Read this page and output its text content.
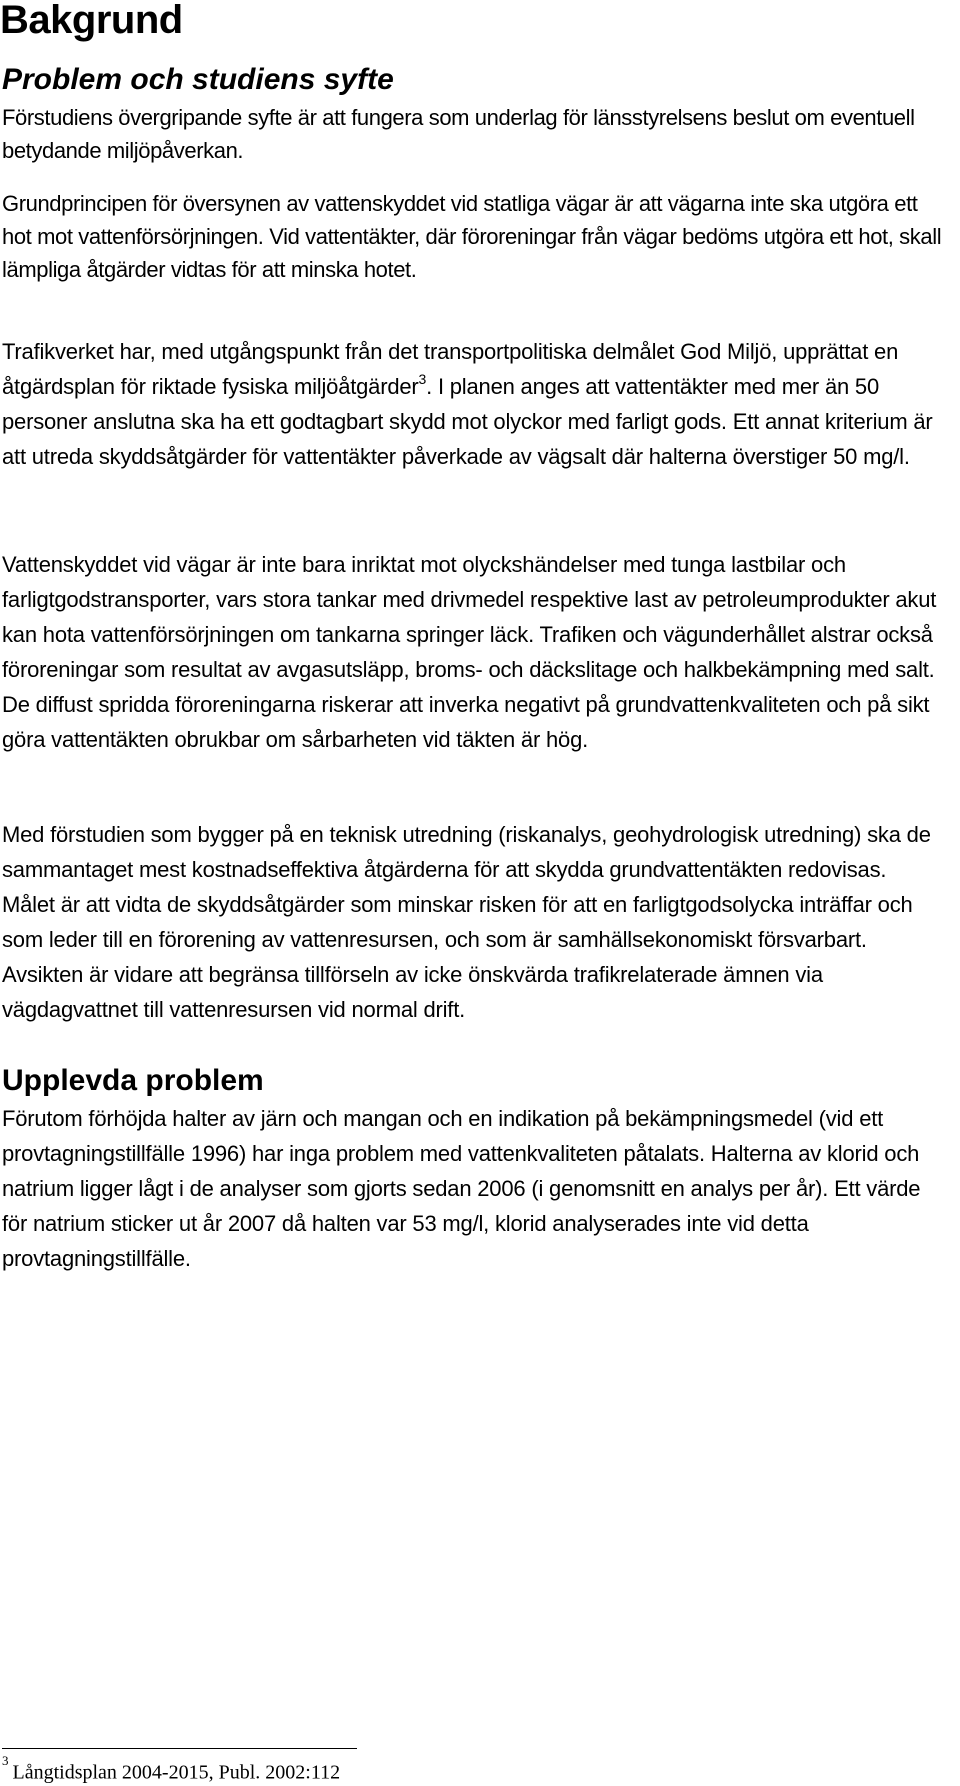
Bakgrund
Problem och studiens syfte

Förstudiens övergripande syfte är att fungera som underlag för länsstyrelsens beslut om eventuell betydande miljöpåverkan.

Grundprincipen för översynen av vattenskyddet vid statliga vägar är att vägarna inte ska utgöra ett hot mot vattenförsörjningen. Vid vattentäkter, där föroreningar från vägar bedöms utgöra ett hot, skall lämpliga åtgärder vidtas för att minska hotet.

Trafikverket har, med utgångspunkt från det transportpolitiska delmålet God Miljö, upprättat en åtgärdsplan för riktade fysiska miljöåtgärder$^3$. I planen anges att vattentäkter med mer än 50 personer anslutna ska ha ett godtagbart skydd mot olyckor med farligt gods. Ett annat kriterium är att utreda skyddsåtgärder för vattentäkter påverkade av vägsalt där halterna överstiger 50 mg/l.

Vattenskyddet vid vägar är inte bara inriktat mot olyckshändelser med tunga lastbilar och farligtgodstransporter, vars stora tankar med drivmedel respektive last av petroleumprodukter akut kan hota vattenförsörjningen om tankarna springer läck. Trafiken och vägunderhållet alstrar också föroreningar som resultat av avgasutsläpp, broms- och däckslitage och halkbekämpning med salt. De diffust spridda föroreningarna riskerar att inverka negativt på grundvattenkvaliteten och på sikt göra vattentäkten obrukbar om sårbarheten vid täkten är hög.

Med förstudien som bygger på en teknisk utredning (riskanalys, geohydrologisk utredning) ska de sammantaget mest kostnadseffektiva åtgärderna för att skydda grundvattentäkten redovisas. Målet är att vidta de skyddsåtgärder som minskar risken för att en farligtgodsolycka inträffar och som leder till en förorening av vattenresursen, och som är samhällsekonomiskt försvarbart. Avsikten är vidare att begränsa tillförseln av icke önskvärda trafikrelaterade ämnen via vägdagvattnet till vattenresursen vid normal drift.

Upplevda problem

Förutom förhöjda halter av järn och mangan och en indikation på bekämpningsmedel (vid ett provtagningstillfälle 1996) har inga problem med vattenkvaliteten påtalats. Halterna av klorid och natrium ligger lågt i de analyser som gjorts sedan 2006 (i genomsnitt en analys per år). Ett värde för natrium sticker ut år 2007 då halten var 53 mg/l, klorid analyserades inte vid detta provtagningstillfälle.

$^3$Långtidsplan 2004-2015, Publ. 2002:112
